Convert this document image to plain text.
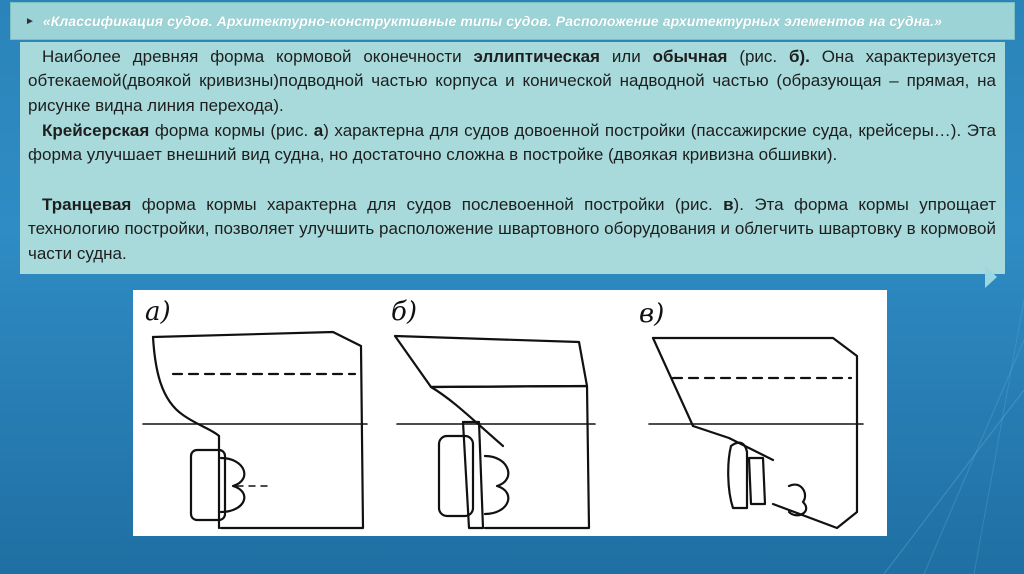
► «Классификация судов. Архитектурно-конструктивные типы судов. Расположение архитектурных элементов на судна.»

Наиболее древняя форма кормовой оконечности эллиптическая или обычная (рис. б). Она характеризуется обтекаемой(двоякой кривизны)подводной частью корпуса и конической надводной частью (образующая – прямая, на рисунке видна линия перехода).

Крейсерская форма кормы (рис. а) характерна для судов довоенной постройки (пассажирские суда, крейсеры…). Эта форма улучшает внешний вид судна, но достаточно сложна в постройке (двоякая кривизна обшивки).

Транцевая форма кормы характерна для судов послевоенной постройки (рис. в). Эта форма кормы упрощает технологию постройки, позволяет улучшить расположение швартовного оборудования и облегчить швартовку в кормовой части судна.

а)	б)	в)
